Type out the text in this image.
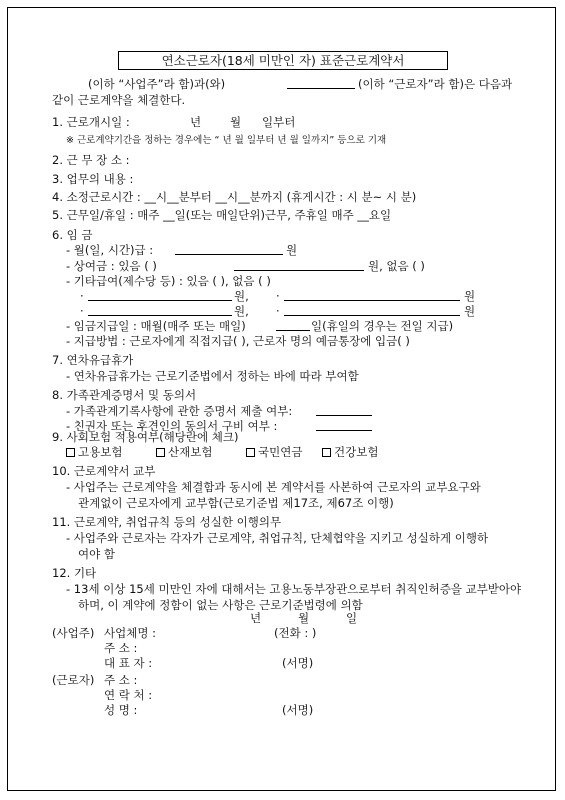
연소근로자(18세 미만인 자) 표준근로계약서
(이하 “사업주”라 함)과(와)	(이하 “근로자”라 함)은 다음과
같이 근로계약을 체결한다.
1. 근로개시일 :	년	월 일부터
※ 근로계약기간을 정하는 경우에는 “ 년 월 일부터 년 월 일까지” 등으로 기재
2. 근 무 장 소 :
3. 업무의 내용 :
4. 소정근로시간 : __시__분부터 __시__분까지 (휴게시간 : 시 분~ 시 분)
5. 근무일/휴일 : 매주 __일(또는 매일단위)근무, 주휴일 매주 __요일
6. 임 금
- 월(일, 시간)급 :	원
- 상여금 : 있음 ( )	원, 없음 ( )
- 기타급여(제수당 등) : 있음 ( ), 없음 ( )
·	원, ·	원
·	원, ·	원
- 임금지급일 : 매월(매주 또는 매일)	일(휴일의 경우는 전일 지급)
- 지급방법 : 근로자에게 직접지급( ), 근로자 명의 예금통장에 입금( )
7. 연차유급휴가
- 연차유급휴가는 근로기준법에서 정하는 바에 따라 부여함
8. 가족관계증명서 및 동의서
- 가족관계기록사항에 관한 증명서 제출 여부:
- 친권자 또는 후견인의 동의서 구비 여부 :
9. 사회보험 적용여부(해당란에 체크)
고용보험	산재보험	국민연금	건강보험
10. 근로계약서 교부
- 사업주는 근로계약을 체결함과 동시에 본 계약서를 사본하여 근로자의 교부요구와
관계없이 근로자에게 교부함(근로기준법 제17조, 제67조 이행)
11. 근로계약, 취업규칙 등의 성실한 이행의무
- 사업주와 근로자는 각자가 근로계약, 취업규칙, 단체협약을 지키고 성실하게 이행하
여야 함
12. 기타
- 13세 이상 15세 미만인 자에 대해서는 고용노동부장관으로부터 취직인허증을 교부받아야
하며, 이 계약에 정함이 없는 사항은 근로기준법령에 의함
년	월	일
(사업주) 사업체명 :	(전화 : )
주 소 :
대 표 자 :	(서명)
(근로자) 주 소 :
연 락 처 :
성 명 :	(서명)
